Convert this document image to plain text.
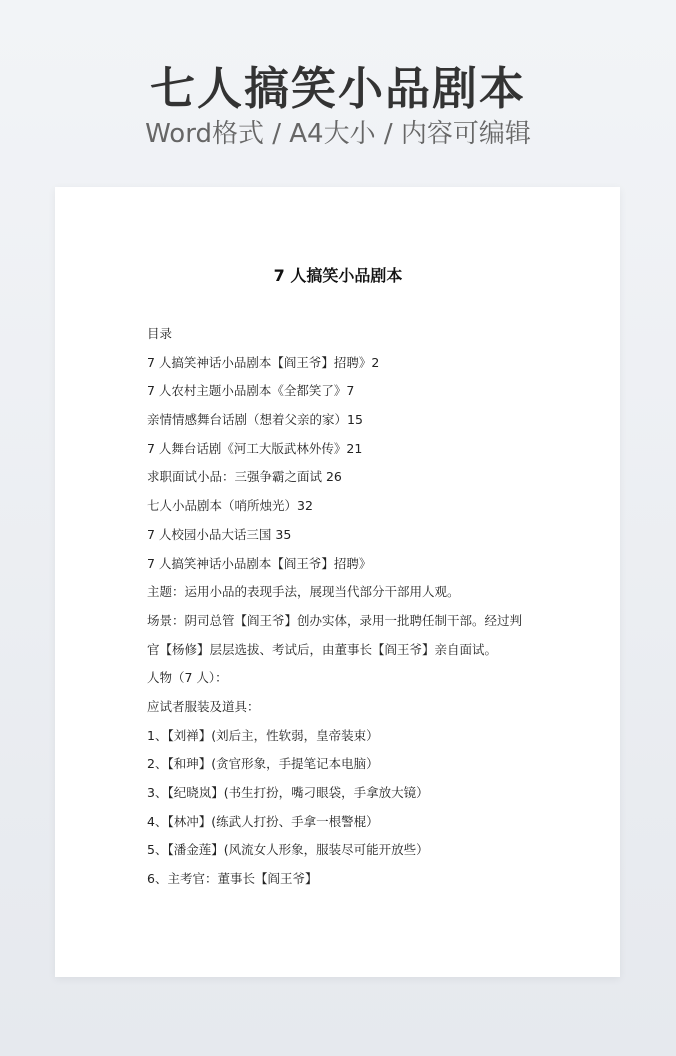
七人搞笑小品剧本
Word格式 / A4大小 / 内容可编辑
7 人搞笑小品剧本
目录
7 人搞笑神话小品剧本【阎王爷】招聘》2
7 人农村主题小品剧本《全都笑了》7
亲情情感舞台话剧（想着父亲的家）15
7 人舞台话剧《河工大版武林外传》21
求职面试小品：三强争霸之面试 26
七人小品剧本（哨所烛光）32
7 人校园小品大话三国 35
7 人搞笑神话小品剧本【阎王爷】招聘》
主题：运用小品的表现手法，展现当代部分干部用人观。
场景：阴司总管【阎王爷】创办实体，录用一批聘任制干部。经过判
官【杨修】层层选拔、考试后，由董事长【阎王爷】亲自面试。
人物（7 人）：
应试者服装及道具：
1、【刘禅】(刘后主，性软弱，皇帝装束）
2、【和珅】(贪官形象，手提笔记本电脑）
3、【纪晓岚】(书生打扮，嘴刁眼袋，手拿放大镜）
4、【林冲】(练武人打扮、手拿一根警棍）
5、【潘金莲】(风流女人形象，服装尽可能开放些）
6、主考官：董事长【阎王爷】
